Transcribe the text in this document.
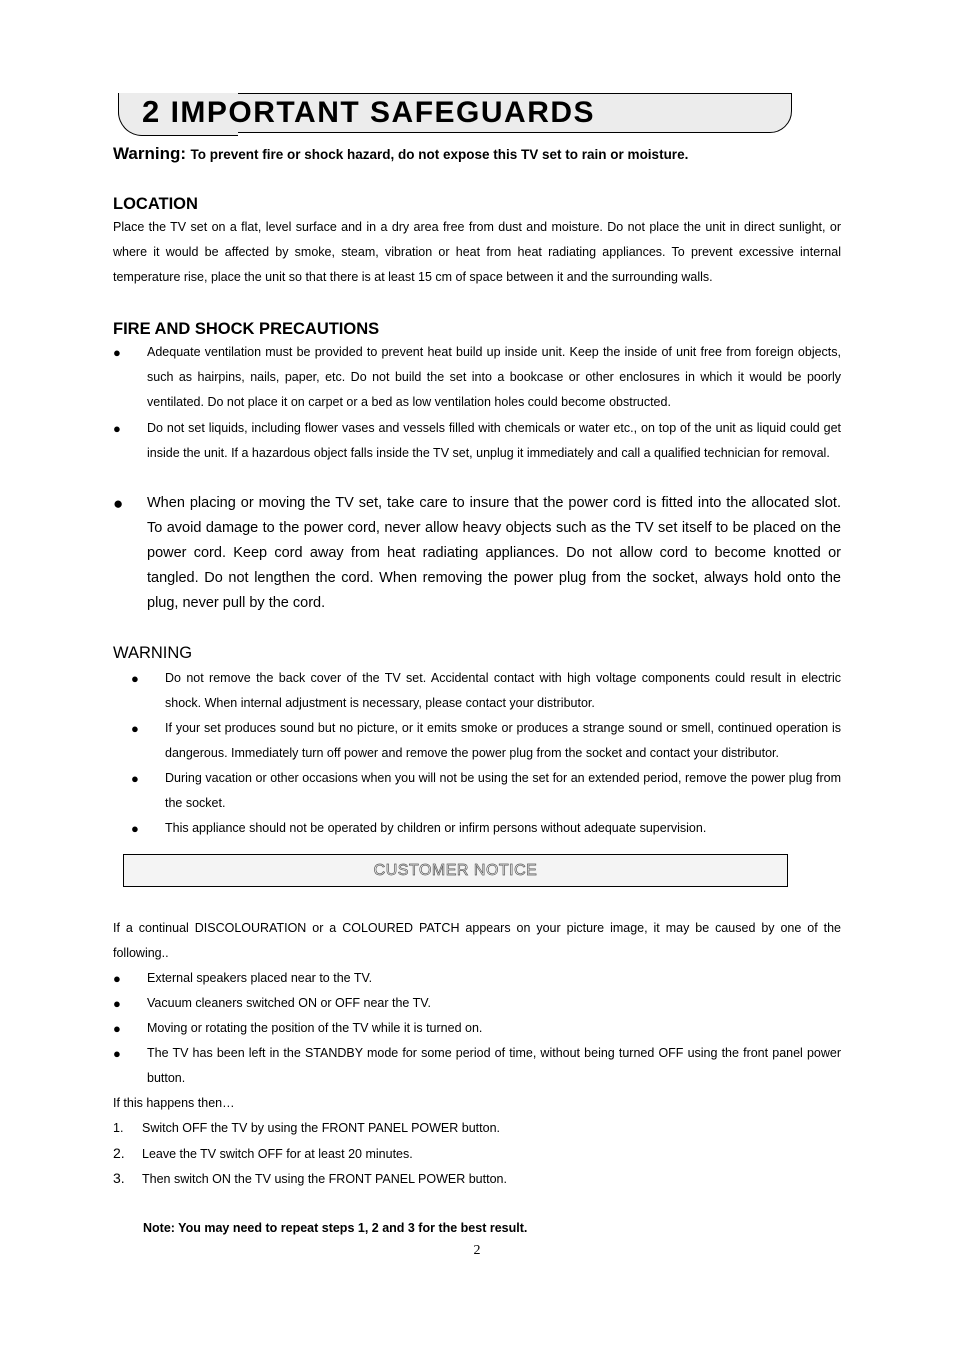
2 IMPORTANT SAFEGUARDS
Warning: To prevent fire or shock hazard, do not expose this TV set to rain or moisture.
LOCATION
Place the TV set on a flat, level surface and in a dry area free from dust and moisture. Do not place the unit in direct sunlight, or
where it would be affected by smoke, steam, vibration or heat from heat radiating appliances. To prevent excessive internal
temperature rise, place the unit so that there is at least 15 cm of space between it and the surrounding walls.
FIRE AND SHOCK PRECAUTIONS
● Adequate ventilation must be provided to prevent heat build up inside unit. Keep the inside of unit free from foreign objects, such as hairpins, nails, paper, etc. Do not build the set into a bookcase or other enclosures in which it would be poorly ventilated. Do not place it on carpet or a bed as low ventilation holes could become obstructed.
● Do not set liquids, including flower vases and vessels filled with chemicals or water etc., on top of the unit as liquid could get inside the unit. If a hazardous object falls inside the TV set, unplug it immediately and call a qualified technician for removal.
● When placing or moving the TV set, take care to insure that the power cord is fitted into the allocated slot. To avoid damage to the power cord, never allow heavy objects such as the TV set itself to be placed on the power cord. Keep cord away from heat radiating appliances. Do not allow cord to become knotted or tangled. Do not lengthen the cord. When removing the power plug from the socket, always hold onto the plug, never pull by the cord.
WARNING
● Do not remove the back cover of the TV set. Accidental contact with high voltage components could result in electric shock. When internal adjustment is necessary, please contact your distributor.
● If your set produces sound but no picture, or it emits smoke or produces a strange sound or smell, continued operation is dangerous. Immediately turn off power and remove the power plug from the socket and contact your distributor.
● During vacation or other occasions when you will not be using the set for an extended period, remove the power plug from the socket.
● This appliance should not be operated by children or infirm persons without adequate supervision.
CUSTOMER NOTICE
If a continual DISCOLOURATION or a COLOURED PATCH appears on your picture image, it may be caused by one of the following..
● External speakers placed near to the TV.
● Vacuum cleaners switched ON or OFF near the TV.
● Moving or rotating the position of the TV while it is turned on.
● The TV has been left in the STANDBY mode for some period of time, without being turned OFF using the front panel power button.
If this happens then…
1. Switch OFF the TV by using the FRONT PANEL POWER button.
2. Leave the TV switch OFF for at least 20 minutes.
3. Then switch ON the TV using the FRONT PANEL POWER button.
Note: You may need to repeat steps 1, 2 and 3 for the best result.
2
